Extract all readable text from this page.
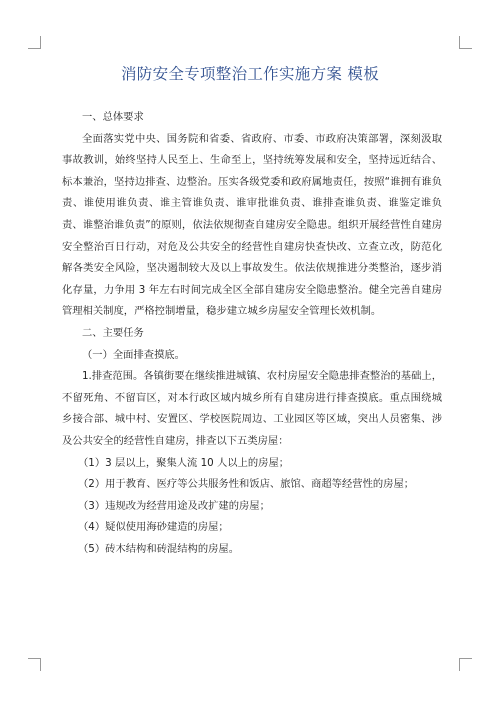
消防安全专项整治工作实施方案 模板

一、总体要求

全面落实党中央、国务院和省委、省政府、市委、市政府决策部署，深刻汲取事故教训，始终坚持人民至上、生命至上，坚持统筹发展和安全，坚持远近结合、标本兼治，坚持边排查、边整治。压实各级党委和政府属地责任，按照“谁拥有谁负责、谁使用谁负责、谁主管谁负责、谁审批谁负责、谁排查谁负责、谁鉴定谁负责、谁整治谁负责”的原则，依法依规彻查自建房安全隐患。组织开展经营性自建房安全整治百日行动，对危及公共安全的经营性自建房快查快改、立查立改，防范化解各类安全风险，坚决遏制较大及以上事故发生。依法依规推进分类整治，逐步消化存量，力争用 3 年左右时间完成全区全部自建房安全隐患整治。健全完善自建房管理相关制度，严格控制增量，稳步建立城乡房屋安全管理长效机制。

二、主要任务

（一）全面排查摸底。

1.排查范围。各镇街要在继续推进城镇、农村房屋安全隐患排查整治的基础上，不留死角、不留盲区，对本行政区域内城乡所有自建房进行排查摸底。重点围绕城乡接合部、城中村、安置区、学校医院周边、工业园区等区域，突出人员密集、涉及公共安全的经营性自建房，排查以下五类房屋：

（1）3 层以上，聚集人流 10 人以上的房屋；

（2）用于教育、医疗等公共服务性和饭店、旅馆、商超等经营性的房屋；

（3）违规改为经营用途及改扩建的房屋；

（4）疑似使用海砂建造的房屋；

（5）砖木结构和砖混结构的房屋。
